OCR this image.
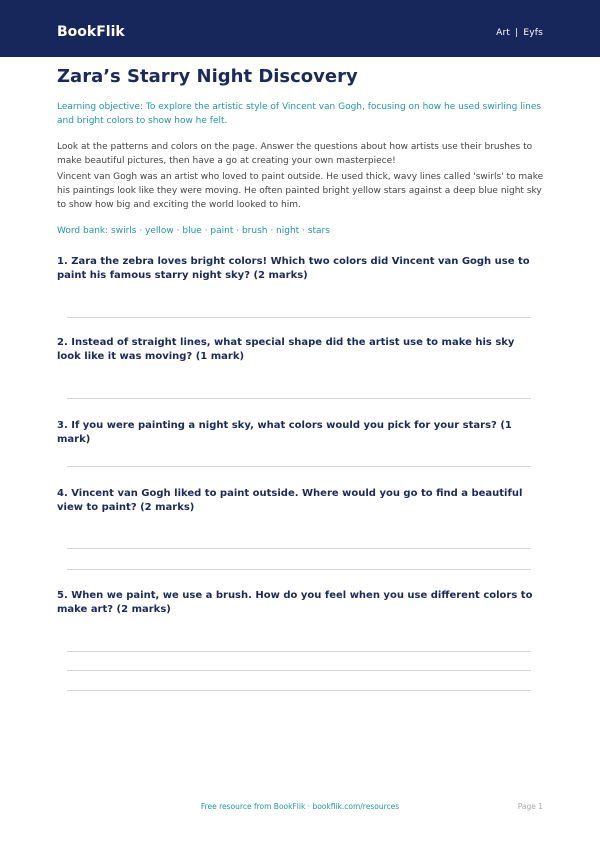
BookFlik	Art | Eyfs
Zara’s Starry Night Discovery

Learning objective: To explore the artistic style of Vincent van Gogh, focusing on how he used swirling lines and bright colors to show how he felt.

Look at the patterns and colors on the page. Answer the questions about how artists use their brushes to make beautiful pictures, then have a go at creating your own masterpiece!

Vincent van Gogh was an artist who loved to paint outside. He used thick, wavy lines called 'swirls' to make his paintings look like they were moving. He often painted bright yellow stars against a deep blue night sky to show how big and exciting the world looked to him.

Word bank: swirls · yellow · blue · paint · brush · night · stars

1. Zara the zebra loves bright colors! Which two colors did Vincent van Gogh use to paint his famous starry night sky? (2 marks)

2. Instead of straight lines, what special shape did the artist use to make his sky look like it was moving? (1 mark)

3. If you were painting a night sky, what colors would you pick for your stars? (1 mark)

4. Vincent van Gogh liked to paint outside. Where would you go to find a beautiful view to paint? (2 marks)

5. When we paint, we use a brush. How do you feel when you use different colors to make art? (2 marks)

Free resource from BookFlik · bookflik.com/resources	Page 1
